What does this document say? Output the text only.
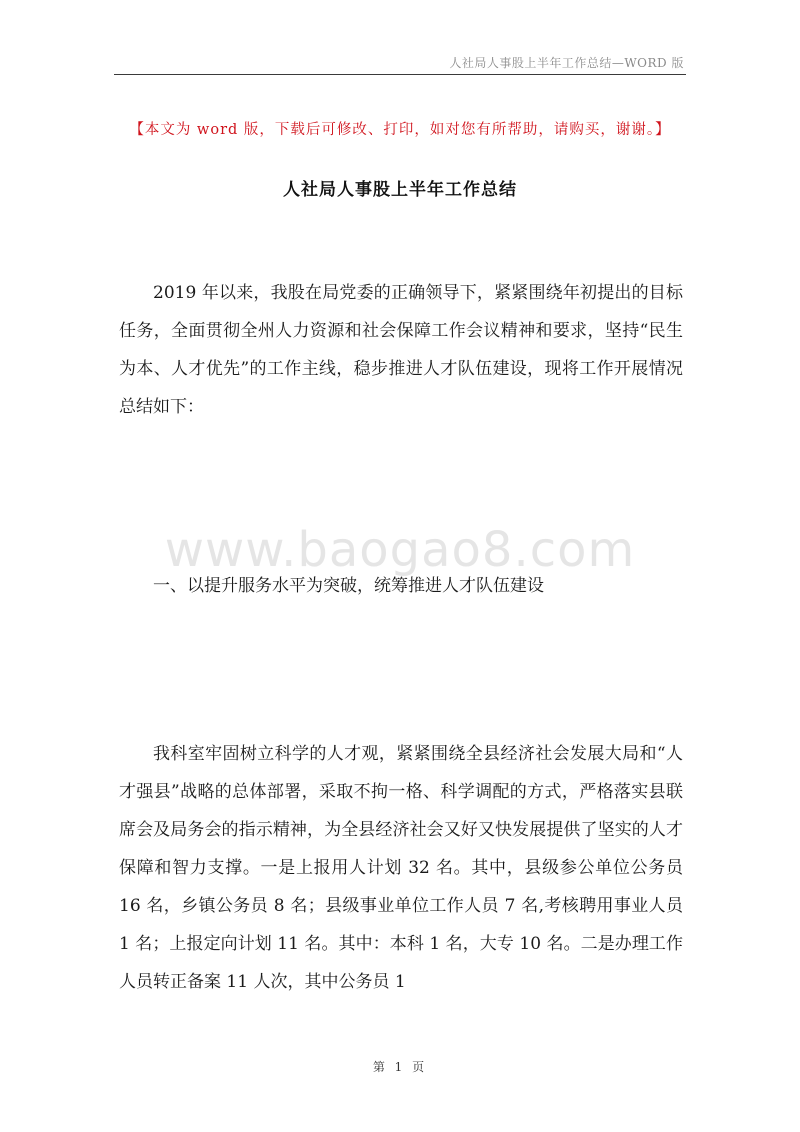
人社局人事股上半年工作总结—WORD 版
【本文为 word 版，下载后可修改、打印，如对您有所帮助，请购买，谢谢。】
人社局人事股上半年工作总结

2019 年以来，我股在局党委的正确领导下，紧紧围绕年初提出的目标任务，全面贯彻全州人力资源和社会保障工作会议精神和要求，坚持“民生为本、人才优先”的工作主线，稳步推进人才队伍建设，现将工作开展情况总结如下：

www.baogao8.com

一、以提升服务水平为突破，统筹推进人才队伍建设

我科室牢固树立科学的人才观，紧紧围绕全县经济社会发展大局和“人才强县”战略的总体部署，采取不拘一格、科学调配的方式，严格落实县联席会及局务会的指示精神，为全县经济社会又好又快发展提供了坚实的人才保障和智力支撑。一是上报用人计划 32 名。其中，县级参公单位公务员 16 名，乡镇公务员 8 名；县级事业单位工作人员 7 名,考核聘用事业人员 1 名；上报定向计划 11 名。其中：本科 1 名，大专 10 名。二是办理工作人员转正备案 11 人次，其中公务员 1

第 1 页
